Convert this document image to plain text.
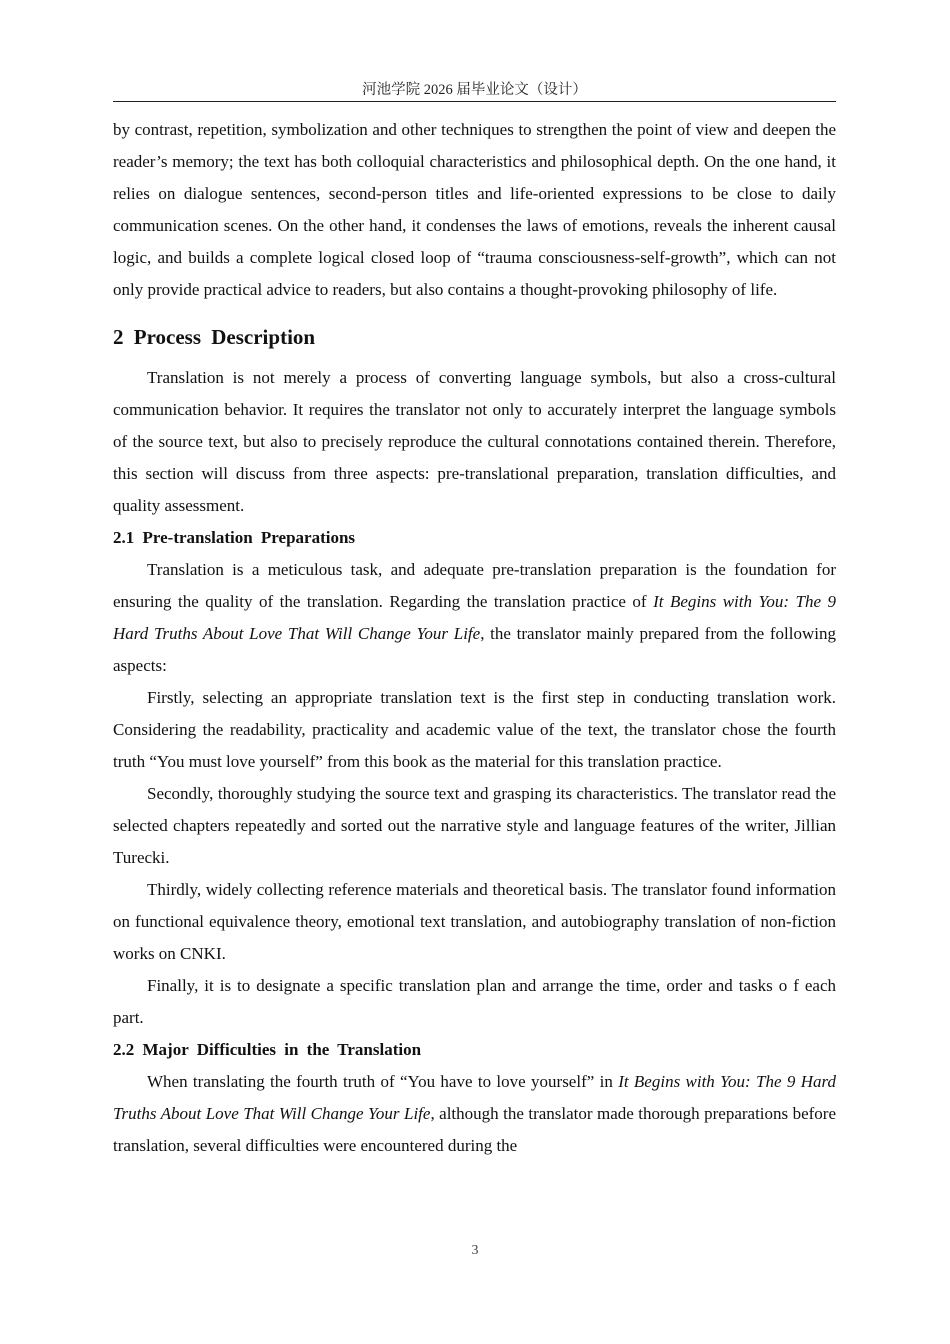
河池学院 2026 届毕业论文（设计）

by contrast, repetition, symbolization and other techniques to strengthen the point of view and deepen the reader’s memory; the text has both colloquial characteristics and philosophical depth. On the one hand, it relies on dialogue sentences, second-person titles and life-oriented expressions to be close to daily communication scenes. On the other hand, it condenses the laws of emotions, reveals the inherent causal logic, and builds a complete logical closed loop of “trauma consciousness-self-growth”, which can not only provide practical advice to readers, but also contains a thought-provoking philosophy of life.

2 Process Description

Translation is not merely a process of converting language symbols, but also a cross-cultural communication behavior. It requires the translator not only to accurately interpret the language symbols of the source text, but also to precisely reproduce the cultural connotations contained therein. Therefore, this section will discuss from three aspects: pre-translational preparation, translation difficulties, and quality assessment.

2.1 Pre-translation Preparations

Translation is a meticulous task, and adequate pre-translation preparation is the foundation for ensuring the quality of the translation. Regarding the translation practice of It Begins with You: The 9 Hard Truths About Love That Will Change Your Life, the translator mainly prepared from the following aspects:

Firstly, selecting an appropriate translation text is the first step in conducting translation work. Considering the readability, practicality and academic value of the text, the translator chose the fourth truth “You must love yourself” from this book as the material for this translation practice.

Secondly, thoroughly studying the source text and grasping its characteristics. The translator read the selected chapters repeatedly and sorted out the narrative style and language features of the writer, Jillian Turecki.

Thirdly, widely collecting reference materials and theoretical basis. The translator found information on functional equivalence theory, emotional text translation, and autobiography translation of non-fiction works on CNKI.

Finally, it is to designate a specific translation plan and arrange the time, order and tasks o f each part.

2.2 Major Difficulties in the Translation

When translating the fourth truth of “You have to love yourself” in It Begins with You: The 9 Hard Truths About Love That Will Change Your Life, although the translator made thorough preparations before translation, several difficulties were encountered during the

3
